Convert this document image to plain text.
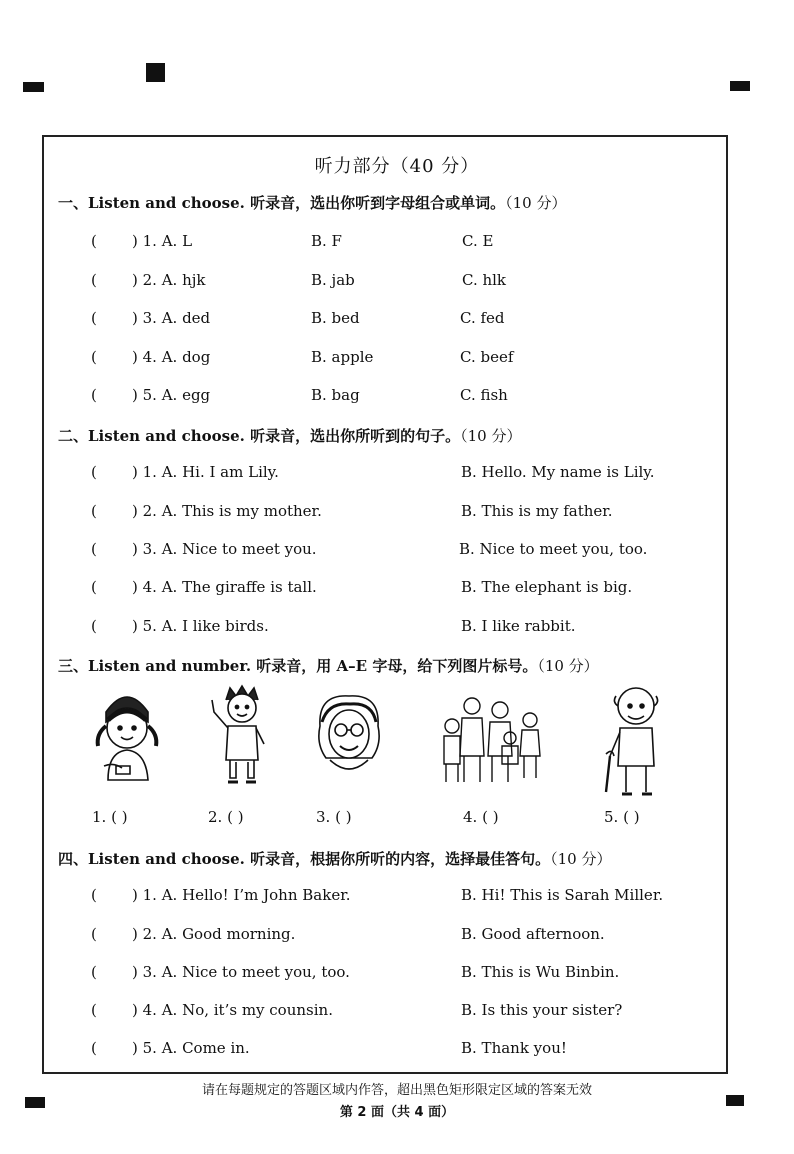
听力部分（40 分）
一、Listen and choose. 听录音，选出你听到字母组合或单词。（10 分）
( ) 1. A. L	B. F	C. E
( ) 2. A. hjk	B. jab	C. hlk
( ) 3. A. ded	B. bed	C. fed
( ) 4. A. dog	B. apple	C. beef
( ) 5. A. egg	B. bag	C. fish
二、Listen and choose. 听录音，选出你所听到的句子。（10 分）
( ) 1. A. Hi. I am Lily.	B. Hello. My name is Lily.
( ) 2. A. This is my mother.	B. This is my father.
( ) 3. A. Nice to meet you.	B. Nice to meet you, too.
( ) 4. A. The giraffe is tall.	B. The elephant is big.
( ) 5. A. I like birds.	B. I like rabbit.
三、Listen and number. 听录音，用 A–E 字母，给下列图片标号。（10 分）
1. ( )	2. ( )	3. ( )	4. ( )	5. ( )
四、Listen and choose. 听录音，根据你所听的内容，选择最佳答句。（10 分）
( ) 1. A. Hello! I’m John Baker.	B. Hi! This is Sarah Miller.
( ) 2. A. Good morning.	B. Good afternoon.
( ) 3. A. Nice to meet you, too.	B. This is Wu Binbin.
( ) 4. A. No, it’s my counsin.	B. Is this your sister?
( ) 5. A. Come in.	B. Thank you!
请在每题规定的答题区域内作答，超出黑色矩形限定区域的答案无效
第 2 面（共 4 面）
